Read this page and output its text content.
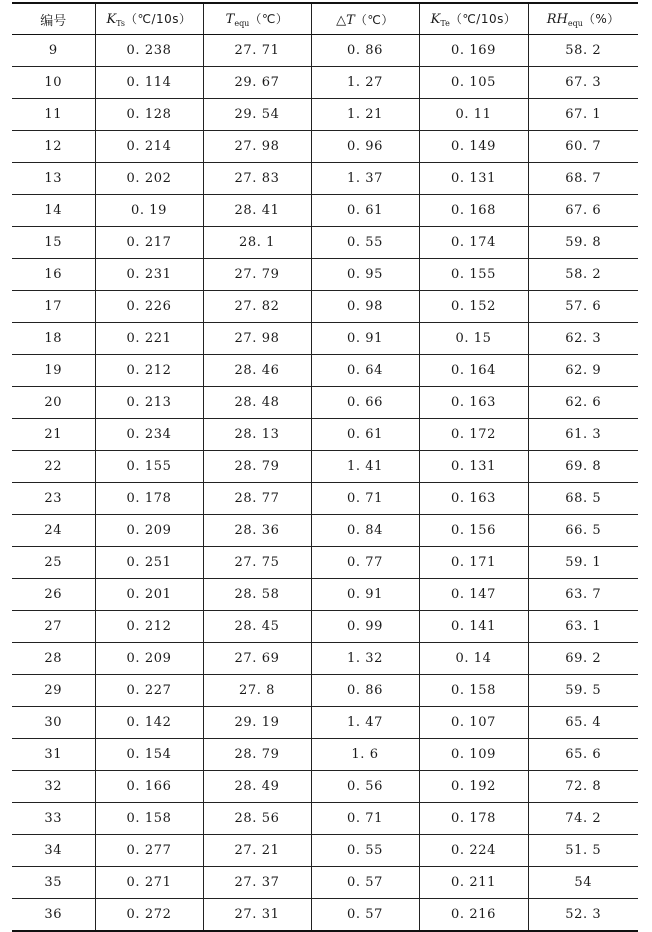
编号	$K_{Ts}(℃/10s)$	$T_{equ}(℃)$	△T（℃）	$K_{Te}(℃/10s)$	$RH_{equ}(\%)$
9	0. 238	27. 71	0. 86	0. 169	58. 2
10	0. 114	29. 67	1. 27	0. 105	67. 3
11	0. 128	29. 54	1. 21	0. 11	67. 1
12	0. 214	27. 98	0. 96	0. 149	60. 7
13	0. 202	27. 83	1. 37	0. 131	68. 7
14	0. 19	28. 41	0. 61	0. 168	67. 6
15	0. 217	28. 1	0. 55	0. 174	59. 8
16	0. 231	27. 79	0. 95	0. 155	58. 2
17	0. 226	27. 82	0. 98	0. 152	57. 6
18	0. 221	27. 98	0. 91	0. 15	62. 3
19	0. 212	28. 46	0. 64	0. 164	62. 9
20	0. 213	28. 48	0. 66	0. 163	62. 6
21	0. 234	28. 13	0. 61	0. 172	61. 3
22	0. 155	28. 79	1. 41	0. 131	69. 8
23	0. 178	28. 77	0. 71	0. 163	68. 5
24	0. 209	28. 36	0. 84	0. 156	66. 5
25	0. 251	27. 75	0. 77	0. 171	59. 1
26	0. 201	28. 58	0. 91	0. 147	63. 7
27	0. 212	28. 45	0. 99	0. 141	63. 1
28	0. 209	27. 69	1. 32	0. 14	69. 2
29	0. 227	27. 8	0. 86	0. 158	59. 5
30	0. 142	29. 19	1. 47	0. 107	65. 4
31	0. 154	28. 79	1. 6	0. 109	65. 6
32	0. 166	28. 49	0. 56	0. 192	72. 8
33	0. 158	28. 56	0. 71	0. 178	74. 2
34	0. 277	27. 21	0. 55	0. 224	51. 5
35	0. 271	27. 37	0. 57	0. 211	54
36	0. 272	27. 31	0. 57	0. 216	52. 3
